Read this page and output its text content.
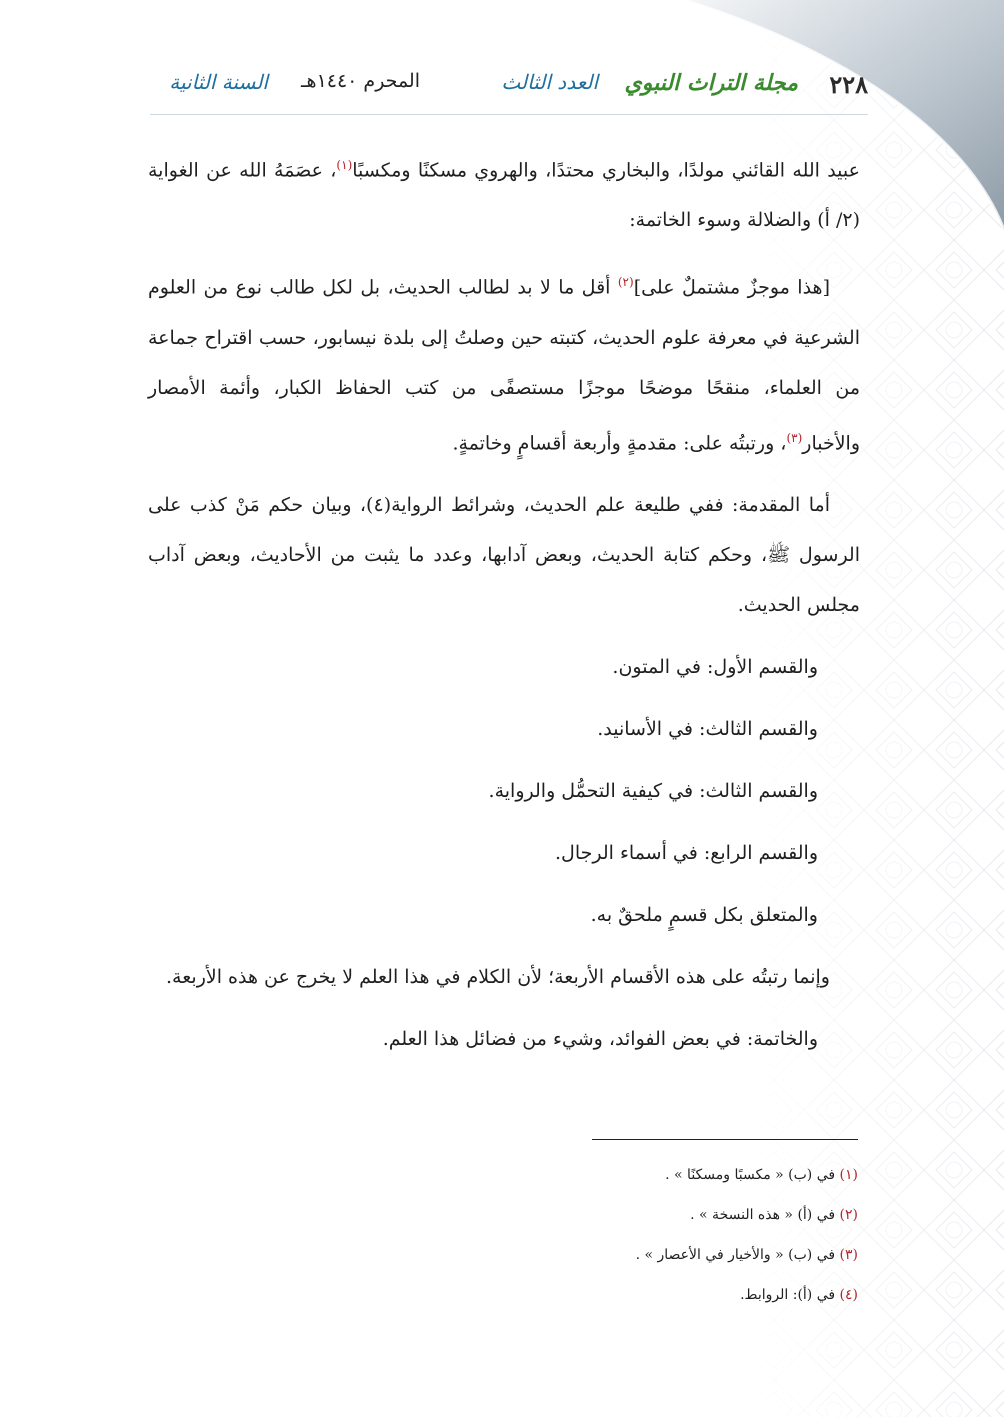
٢٢٨
مجلة التراث النبوي
العدد الثالث
المحرم ١٤٤٠هـ
السنة الثانية

عبيد الله القائني مولدًا، والبخاري محتدًا، والهروي مسكنًا ومكسبًا$^{(١)}$، عصَمَهُ الله عن الغواية (٢/ أ) والضلالة وسوء الخاتمة:

[هذا موجزٌ مشتملٌ على]$^{(٢)}$ أقل ما لا بد لطالب الحديث، بل لكل طالب نوع من العلوم الشرعية في معرفة علوم الحديث، كتبته حين وصلتُ إلى بلدة نيسابور، حسب اقتراح جماعة من العلماء، منقحًا موضحًا موجزًا مستصفًى من كتب الحفاظ الكبار، وأئمة الأمصار والأخبار$^{(٣)}$، ورتبتُه على: مقدمةٍ وأربعة أقسامٍ وخاتمةٍ.

أما المقدمة: ففي طليعة علم الحديث، وشرائط الرواية(٤)، وبيان حكم مَنْ كذب على الرسول ﷺ، وحكم كتابة الحديث، وبعض آدابها، وعدد ما يثبت من الأحاديث، وبعض آداب مجلس الحديث.

والقسم الأول: في المتون.

والقسم الثالث: في الأسانيد.

والقسم الثالث: في كيفية التحمُّل والرواية.

والقسم الرابع: في أسماء الرجال.

والمتعلق بكل قسمٍ ملحقٌ به.

وإنما رتبتُه على هذه الأقسام الأربعة؛ لأن الكلام في هذا العلم لا يخرج عن هذه الأربعة.

والخاتمة: في بعض الفوائد، وشيء من فضائل هذا العلم.

(١) في (ب) « مكسبًا ومسكنًا » .
(٢) في (أ) « هذه النسخة » .
(٣) في (ب) « والأخيار في الأعصار » .
(٤) في (أ): الروابط.
